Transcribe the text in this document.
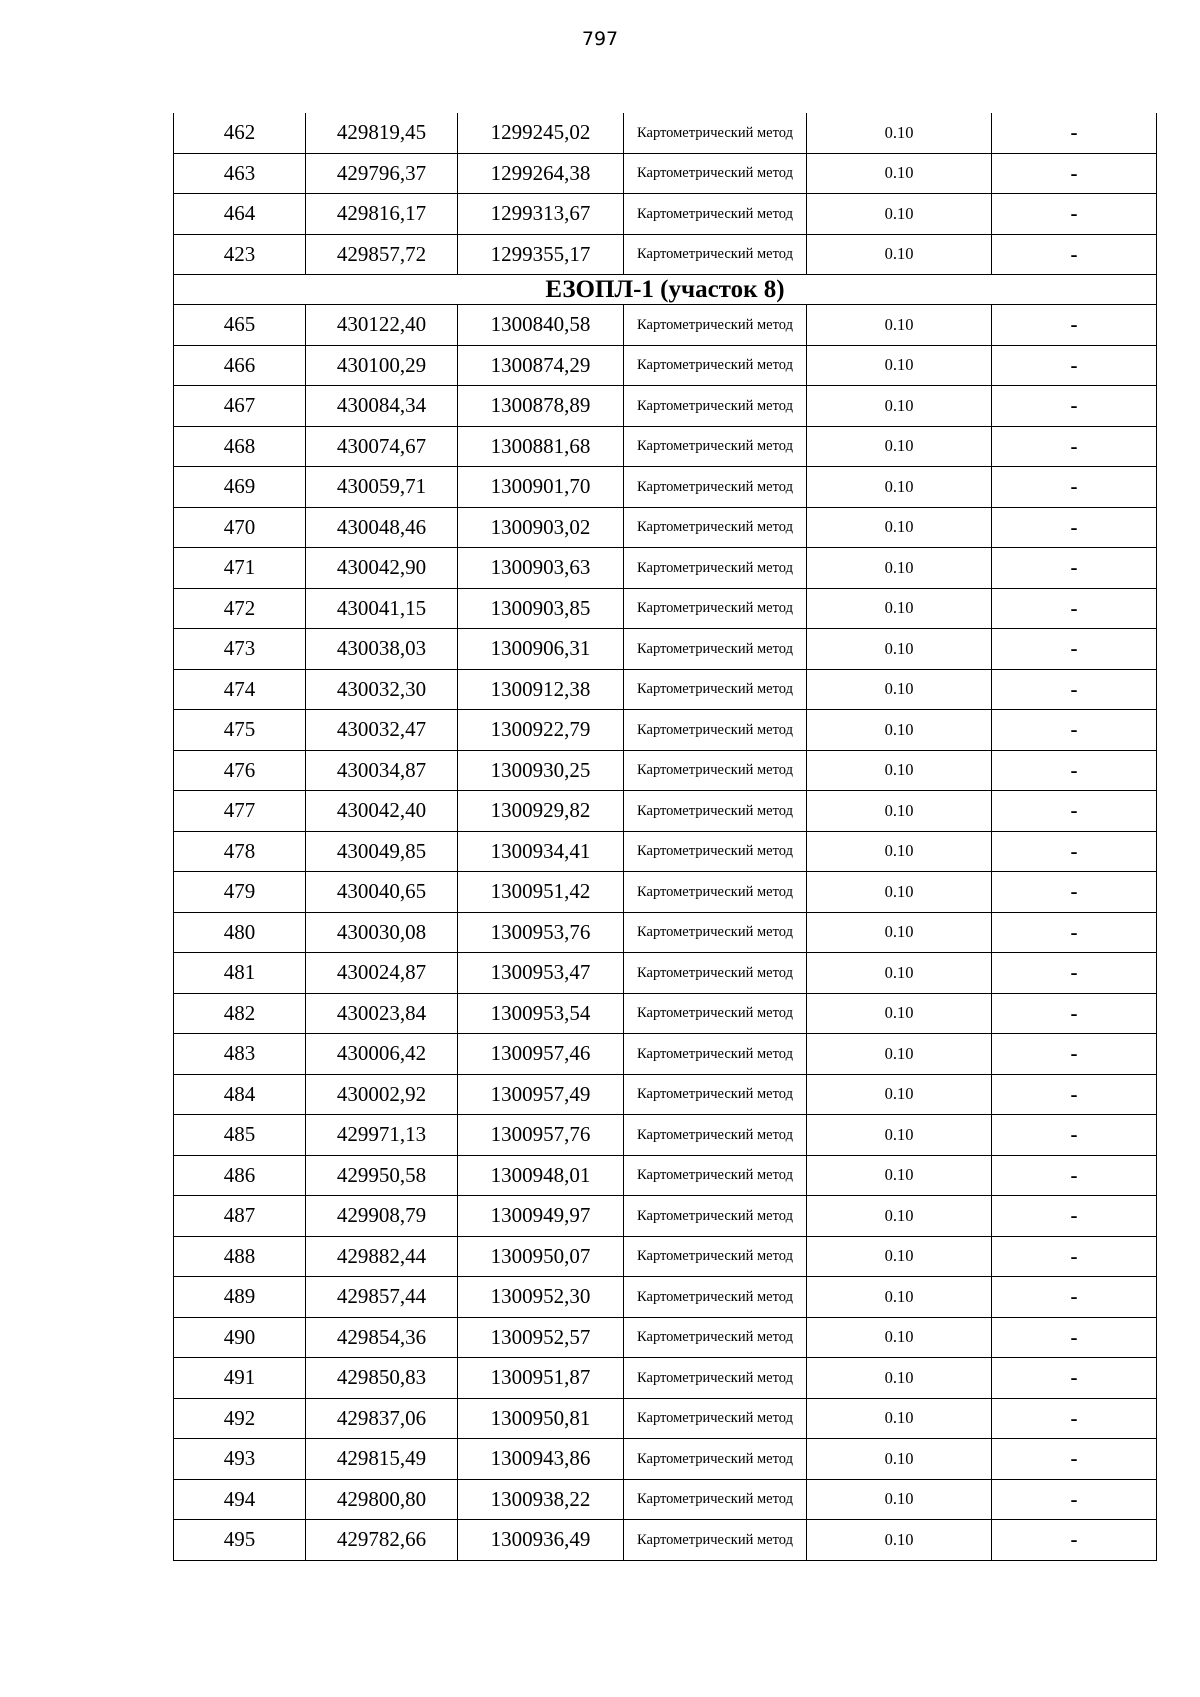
797
462	429819,45	1299245,02	Картометрический метод	0.10	-
463	429796,37	1299264,38	Картометрический метод	0.10	-
464	429816,17	1299313,67	Картометрический метод	0.10	-
423	429857,72	1299355,17	Картометрический метод	0.10	-
ЕЗОПЛ-1 (участок 8)					
465	430122,40	1300840,58	Картометрический метод	0.10	-
466	430100,29	1300874,29	Картометрический метод	0.10	-
467	430084,34	1300878,89	Картометрический метод	0.10	-
468	430074,67	1300881,68	Картометрический метод	0.10	-
469	430059,71	1300901,70	Картометрический метод	0.10	-
470	430048,46	1300903,02	Картометрический метод	0.10	-
471	430042,90	1300903,63	Картометрический метод	0.10	-
472	430041,15	1300903,85	Картометрический метод	0.10	-
473	430038,03	1300906,31	Картометрический метод	0.10	-
474	430032,30	1300912,38	Картометрический метод	0.10	-
475	430032,47	1300922,79	Картометрический метод	0.10	-
476	430034,87	1300930,25	Картометрический метод	0.10	-
477	430042,40	1300929,82	Картометрический метод	0.10	-
478	430049,85	1300934,41	Картометрический метод	0.10	-
479	430040,65	1300951,42	Картометрический метод	0.10	-
480	430030,08	1300953,76	Картометрический метод	0.10	-
481	430024,87	1300953,47	Картометрический метод	0.10	-
482	430023,84	1300953,54	Картометрический метод	0.10	-
483	430006,42	1300957,46	Картометрический метод	0.10	-
484	430002,92	1300957,49	Картометрический метод	0.10	-
485	429971,13	1300957,76	Картометрический метод	0.10	-
486	429950,58	1300948,01	Картометрический метод	0.10	-
487	429908,79	1300949,97	Картометрический метод	0.10	-
488	429882,44	1300950,07	Картометрический метод	0.10	-
489	429857,44	1300952,30	Картометрический метод	0.10	-
490	429854,36	1300952,57	Картометрический метод	0.10	-
491	429850,83	1300951,87	Картометрический метод	0.10	-
492	429837,06	1300950,81	Картометрический метод	0.10	-
493	429815,49	1300943,86	Картометрический метод	0.10	-
494	429800,80	1300938,22	Картометрический метод	0.10	-
495	429782,66	1300936,49	Картометрический метод	0.10	-
